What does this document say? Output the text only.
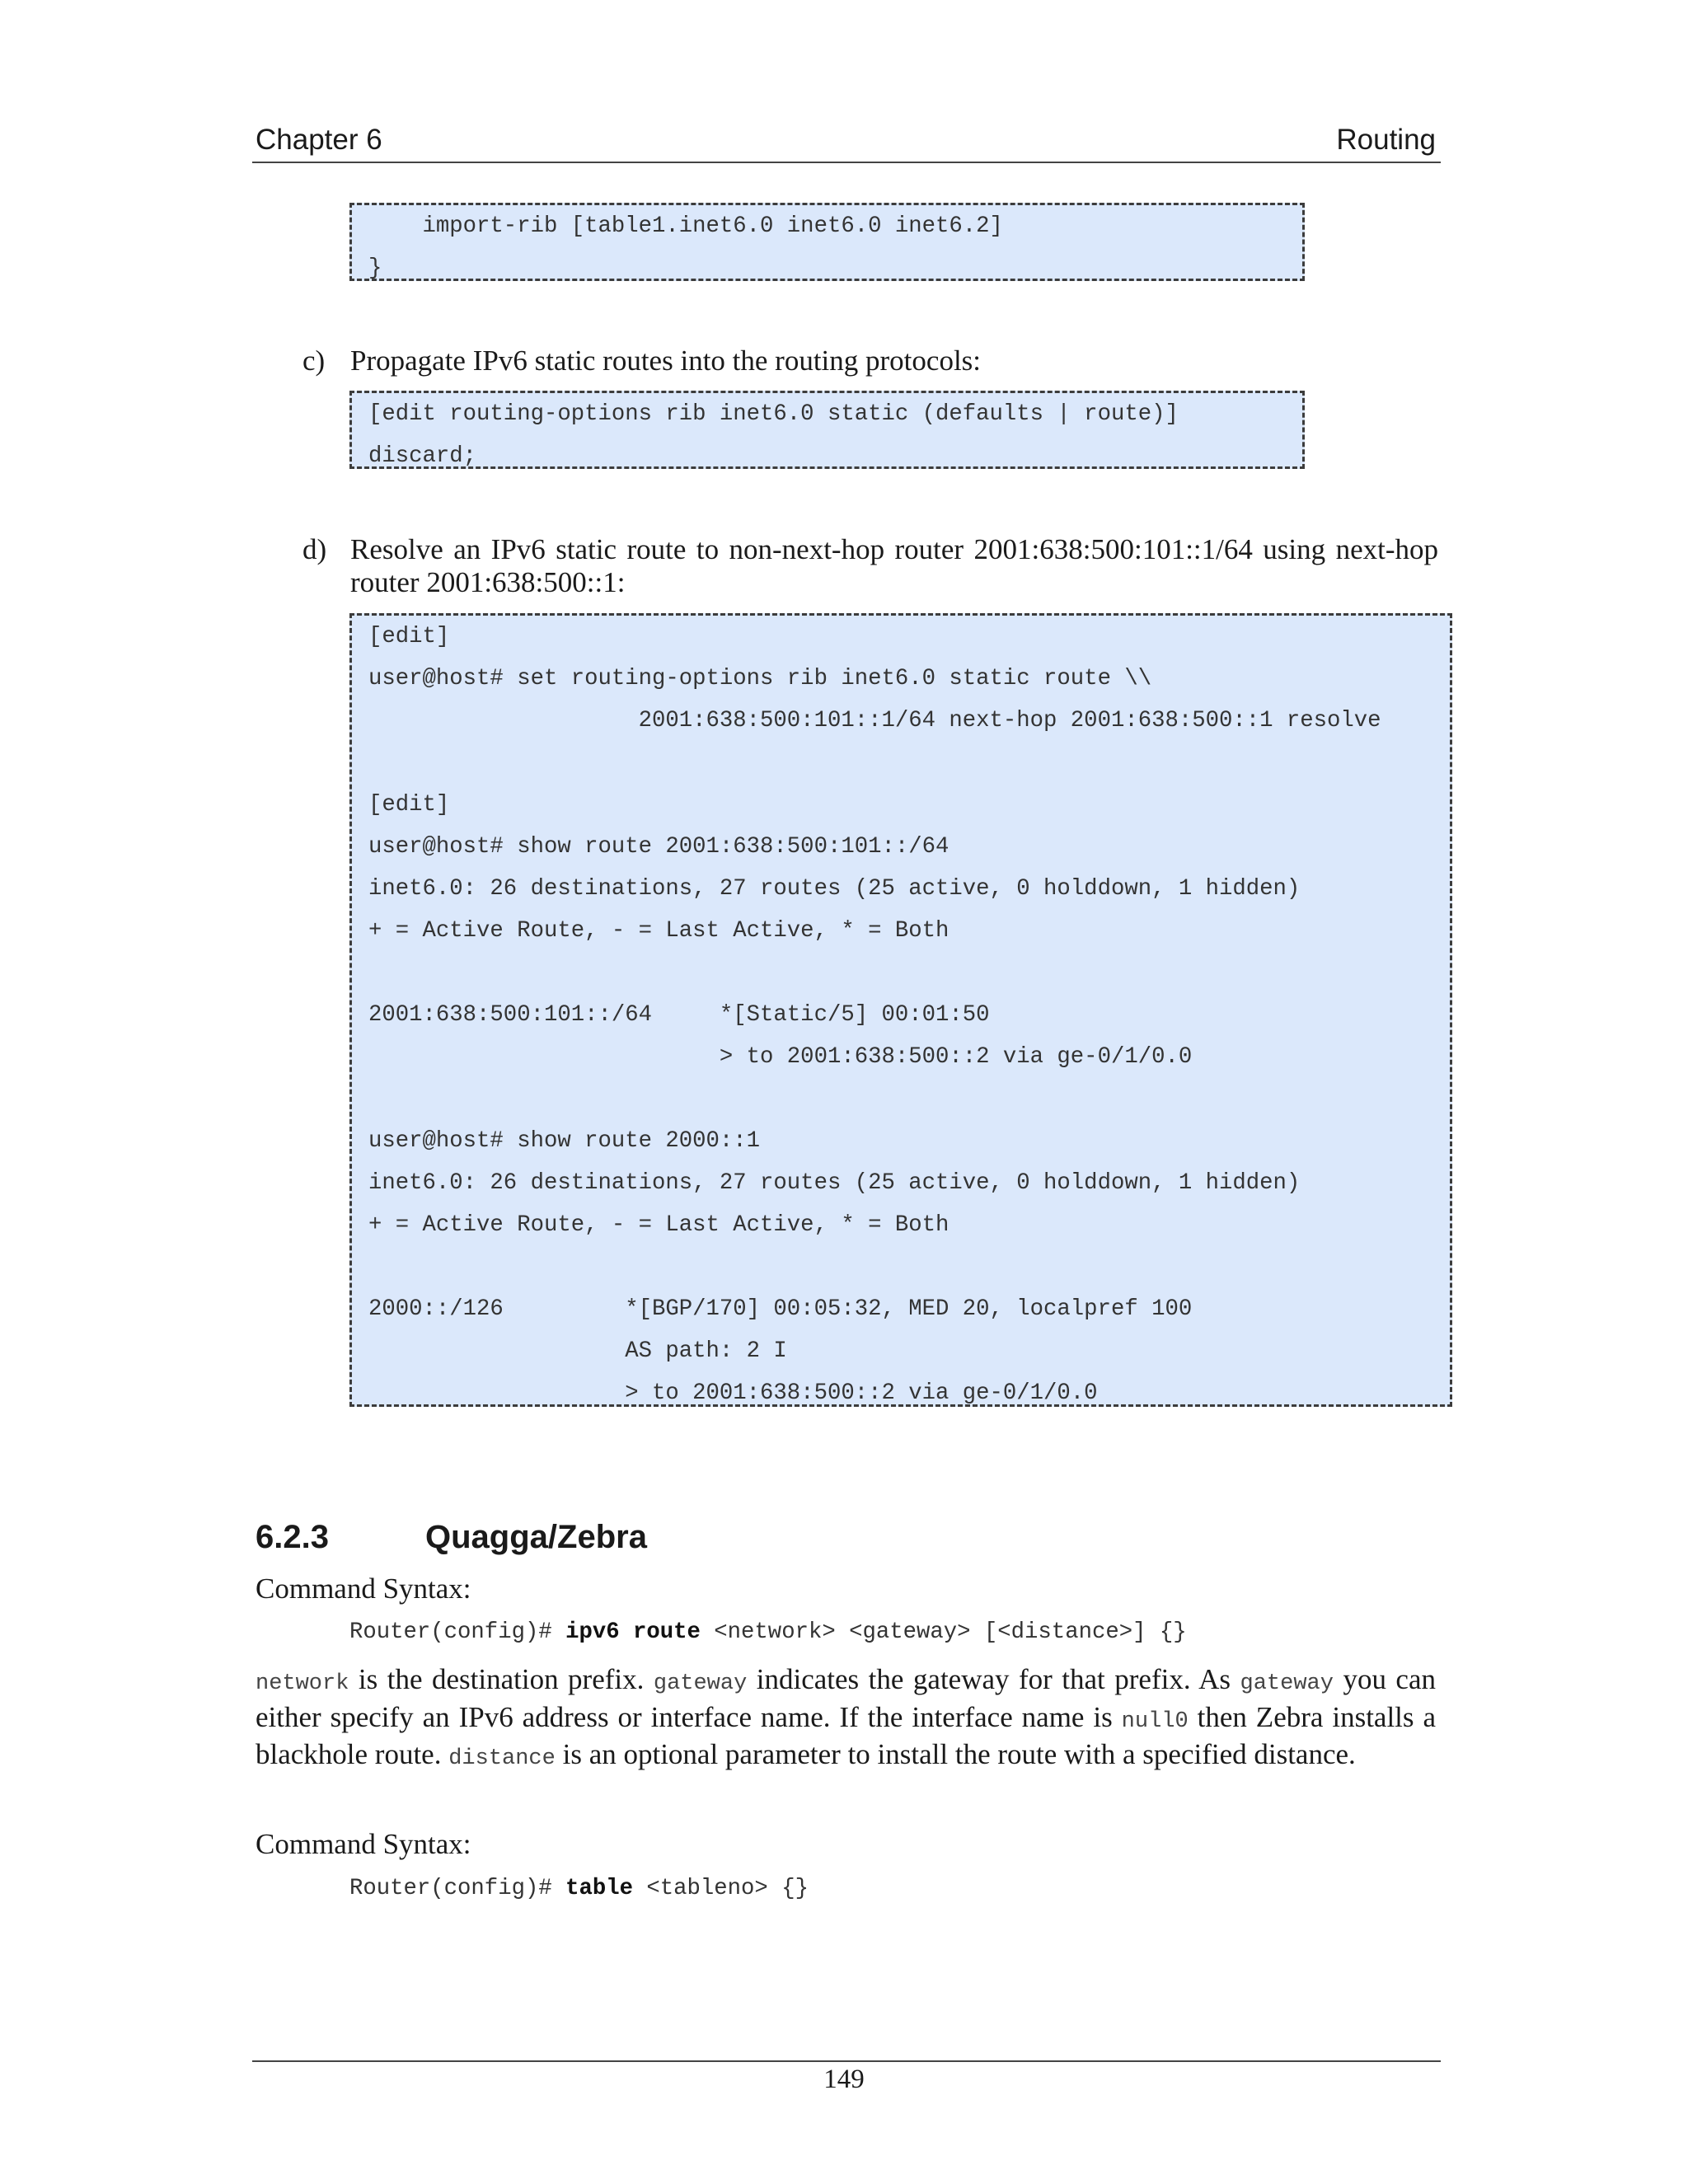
Chapter 6	Routing
import-rib [table1.inet6.0 inet6.0 inet6.2]
}
c) Propagate IPv6 static routes into the routing protocols:
[edit routing-options rib inet6.0 static (defaults | route)]
discard;
d) Resolve an IPv6 static route to non-next-hop router 2001:638:500:101::1/64 using next-hop router 2001:638:500::1:
[edit]
user@host# set routing-options rib inet6.0 static route \\
2001:638:500:101::1/64 next-hop 2001:638:500::1 resolve
[edit]
user@host# show route 2001:638:500:101::/64
inet6.0: 26 destinations, 27 routes (25 active, 0 holddown, 1 hidden)
+ = Active Route, - = Last Active, * = Both
2001:638:500:101::/64     *[Static/5] 00:01:50
> to 2001:638:500::2 via ge-0/1/0.0
user@host# show route 2000::1
inet6.0: 26 destinations, 27 routes (25 active, 0 holddown, 1 hidden)
+ = Active Route, - = Last Active, * = Both
2000::/126         *[BGP/170] 00:05:32, MED 20, localpref 100
AS path: 2 I
> to 2001:638:500::2 via ge-0/1/0.0
6.2.3	Quagga/Zebra
Command Syntax:
Router(config)# ipv6 route <network> <gateway> [<distance>] {}
network is the destination prefix. gateway indicates the gateway for that prefix. As gateway you can either specify an IPv6 address or interface name. If the interface name is null0 then Zebra installs a blackhole route. distance is an optional parameter to install the route with a specified distance.
Command Syntax:
Router(config)# table <tableno> {}
149
